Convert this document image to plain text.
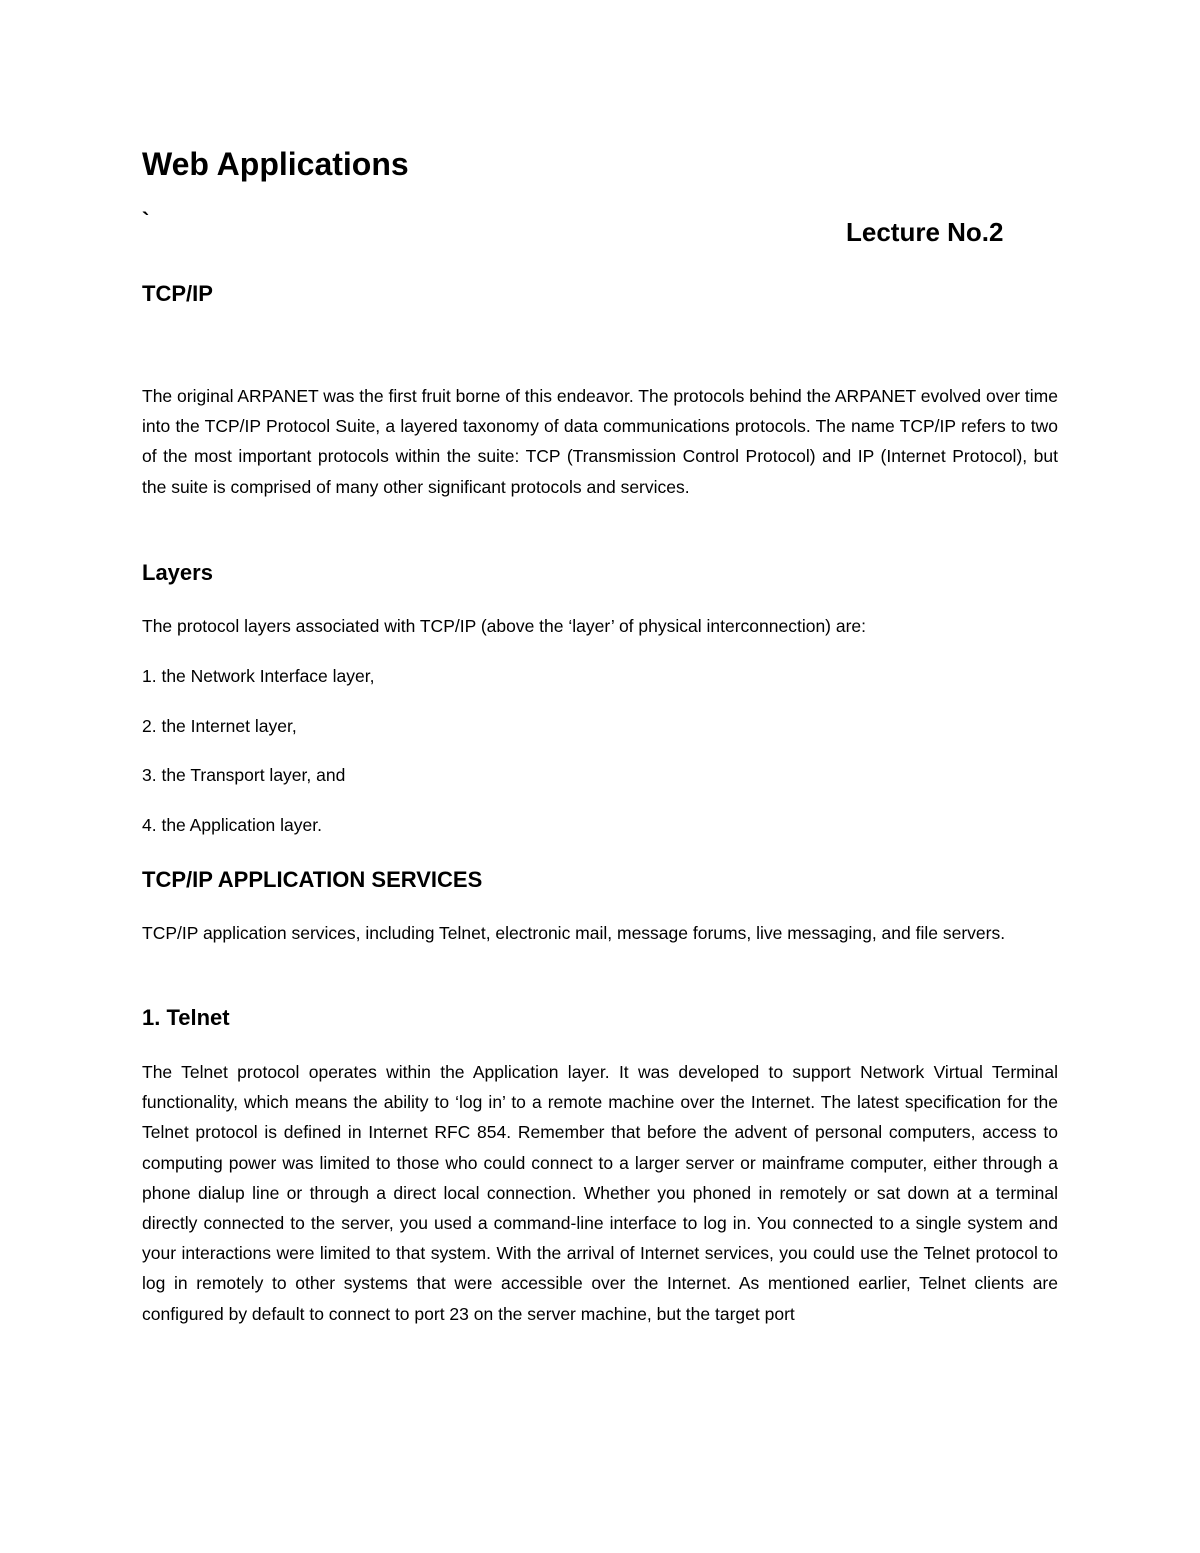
Web Applications
`	Lecture No.2
TCP/IP

The original ARPANET was the first fruit borne of this endeavor. The protocols behind the ARPANET evolved over time into the TCP/IP Protocol Suite, a layered taxonomy of data communications protocols. The name TCP/IP refers to two of the most important protocols within the suite: TCP (Transmission Control Protocol) and IP (Internet Protocol), but the suite is comprised of many other significant protocols and services.

Layers

The protocol layers associated with TCP/IP (above the ‘layer’ of physical interconnection) are:

1. the Network Interface layer,

2. the Internet layer,

3. the Transport layer, and

4. the Application layer.

TCP/IP APPLICATION SERVICES

TCP/IP application services, including Telnet, electronic mail, message forums, live messaging, and file servers.

1. Telnet

The Telnet protocol operates within the Application layer. It was developed to support Network Virtual Terminal functionality, which means the ability to ‘log in’ to a remote machine over the Internet. The latest specification for the Telnet protocol is defined in Internet RFC 854. Remember that before the advent of personal computers, access to computing power was limited to those who could connect to a larger server or mainframe computer, either through a phone dialup line or through a direct local connection. Whether you phoned in remotely or sat down at a terminal directly connected to the server, you used a command-line interface to log in. You connected to a single system and your interactions were limited to that system. With the arrival of Internet services, you could use the Telnet protocol to log in remotely to other systems that were accessible over the Internet. As mentioned earlier, Telnet clients are configured by default to connect to port 23 on the server machine, but the target port
